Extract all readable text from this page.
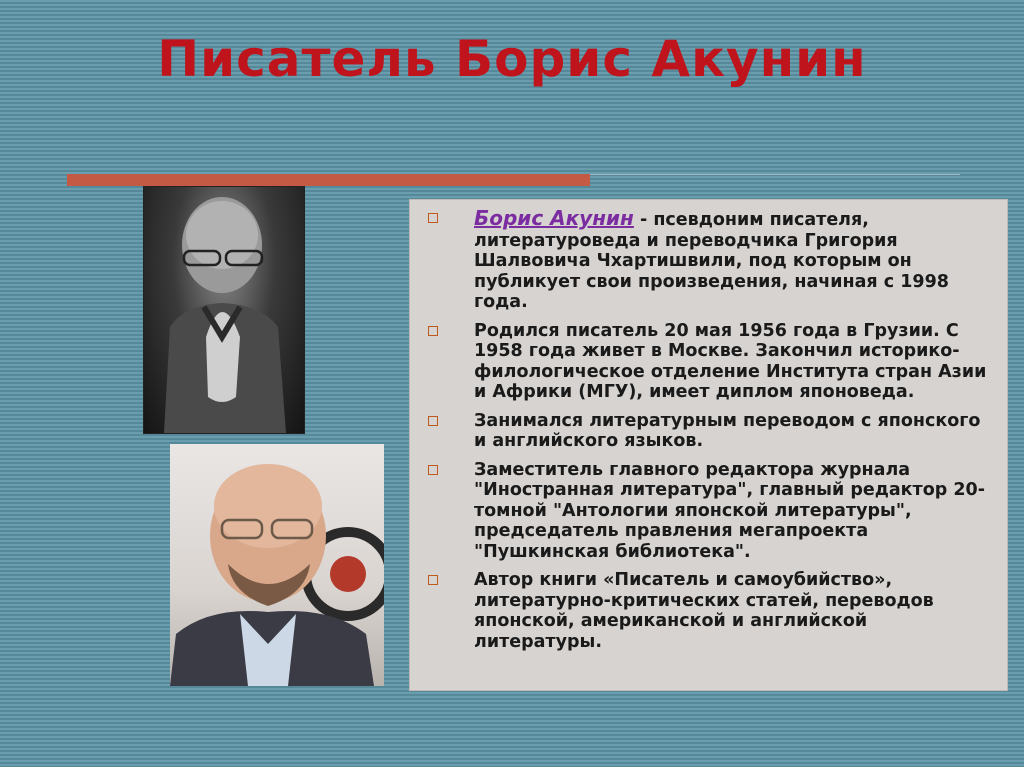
Писатель Борис Акунин
Борис Акунин - псевдоним писателя, литературоведа и переводчика Григория Шалвовича Чхартишвили, под которым он публикует свои произведения, начиная с 1998 года.
Родился писатель 20 мая 1956 года в Грузии. С 1958 года живет в Москве. Закончил историко-филологическое отделение Института стран Азии и Африки (МГУ), имеет диплом японоведа.
Занимался литературным переводом с японского и английского языков.
Заместитель главного редактора журнала "Иностранная литература", главный редактор 20-томной "Антологии японской литературы", председатель правления мегапроекта "Пушкинская библиотека".
Автор книги «Писатель и самоубийство», литературно-критических статей, переводов японской, американской и английской литературы.
